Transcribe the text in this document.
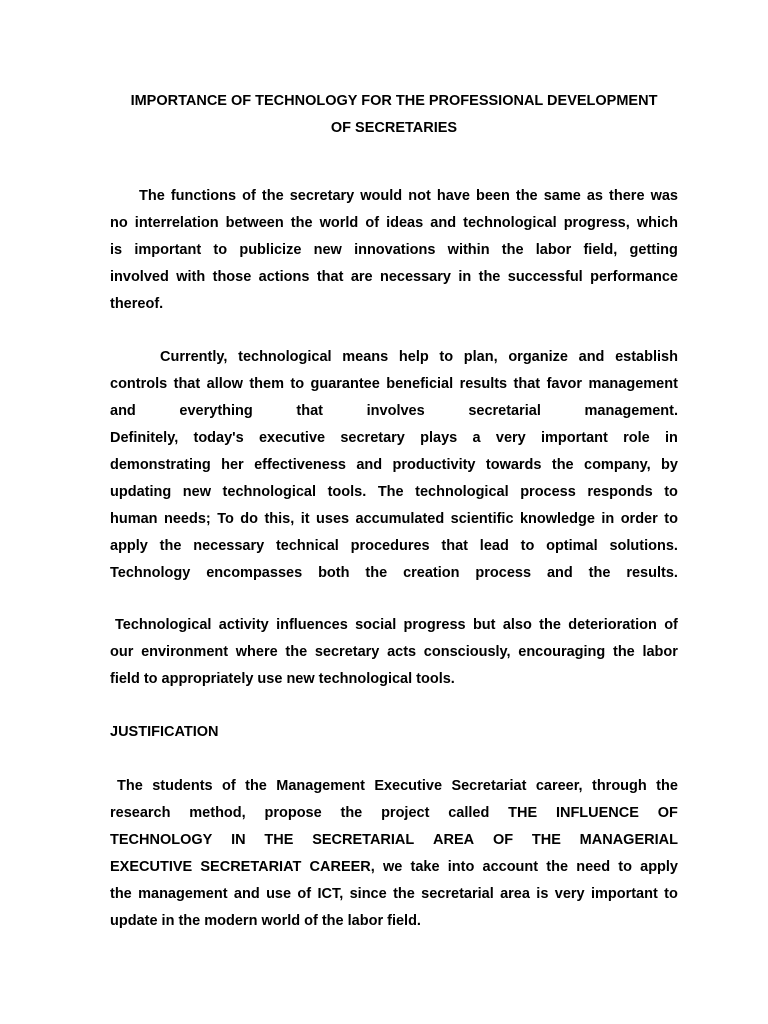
IMPORTANCE OF TECHNOLOGY FOR THE PROFESSIONAL DEVELOPMENT
OF SECRETARIES
The functions of the secretary would not have been the same as there was
no interrelation between the world of ideas and technological progress, which
is important to publicize new innovations within the labor field, getting
involved with those actions that are necessary in the successful performance
thereof.
Currently, technological means help to plan, organize and establish
controls that allow them to guarantee beneficial results that favor management
and	everything	that	involves	secretarial	management.
Definitely, today's executive secretary plays a very important role in
demonstrating her effectiveness and productivity towards the company, by
updating new technological tools. The technological process responds to
human needs; To do this, it uses accumulated scientific knowledge in order to
apply the necessary technical procedures that lead to optimal solutions.
Technology encompasses both the creation process and the results.
Technological activity influences social progress but also the deterioration of
our environment where the secretary acts consciously, encouraging the labor
field to appropriately use new technological tools.
JUSTIFICATION
The students of the Management Executive Secretariat career, through the
research method, propose the project called THE INFLUENCE OF
TECHNOLOGY IN THE SECRETARIAL AREA OF THE MANAGERIAL
EXECUTIVE SECRETARIAT CAREER, we take into account the need to apply
the management and use of ICT, since the secretarial area is very important to
update in the modern world of the labor field.
